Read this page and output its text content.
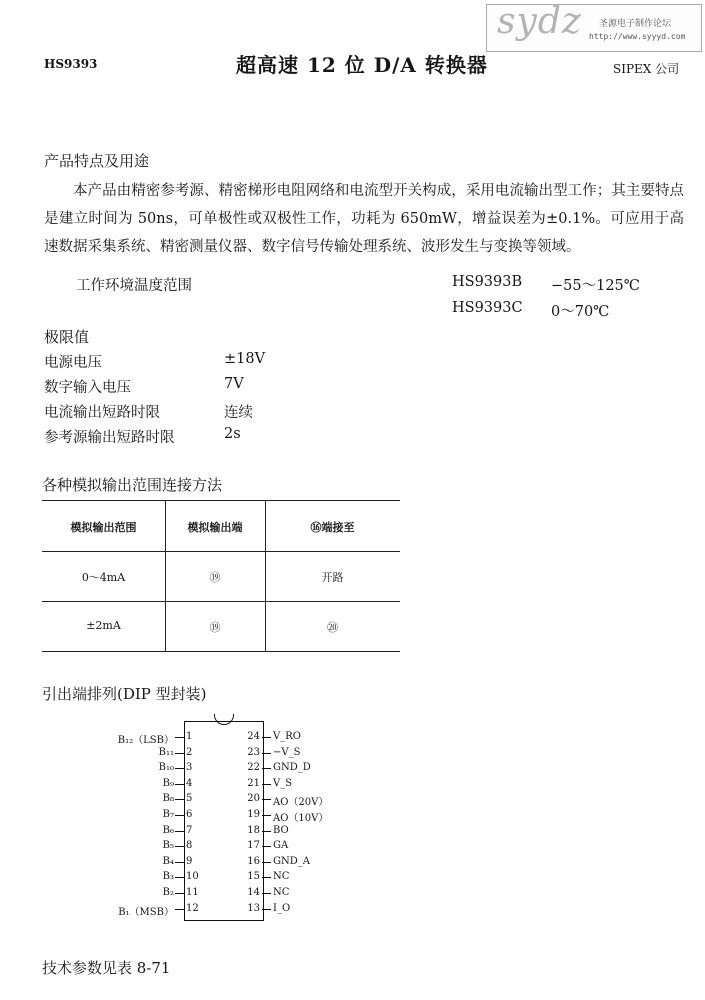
sydz 圣源电子制作论坛
http://www.syyyd.com
HS9393	超高速 12 位 D/A 转换器	SIPEX 公司
产品特点及用途

本产品由精密参考源、精密梯形电阻网络和电流型开关构成，采用电流输出型工作；其主要特点是建立时间为 50ns，可单极性或双极性工作，功耗为 650mW，增益误差为±0.1%。可应用于高速数据采集系统、精密测量仪器、数字信号传输处理系统、波形发生与变换等领域。

工作环境温度范围	HS9393B −55～125℃
HS9393C 0～70℃
极限值
电源电压	±18V
数字输入电压	7V
电流输出短路时限	连续
参考源输出短路时限	2s
各种模拟输出范围连接方法
模拟输出范围	模拟输出端	⑯端接至
0～4mA	⑲	开路
±2mA	⑲	⑳
引出端排列(DIP 型封装)
B₁₂（LSB） 1
B₁₁ 2
B₁₀ 3
B₉ 4
B₈ 5
B₇ 6
B₆ 7
B₅ 8
B₄ 9
B₃ 10
B₂ 11
B₁（MSB） 12
24 V_RO
23 −V_S
22 GND_D
21 V_S
20 AO（20V）
19 AO（10V）
18 BO
17 GA
16 GND_A
15 NC
14 NC
13 I_O
技术参数见表 8-71
